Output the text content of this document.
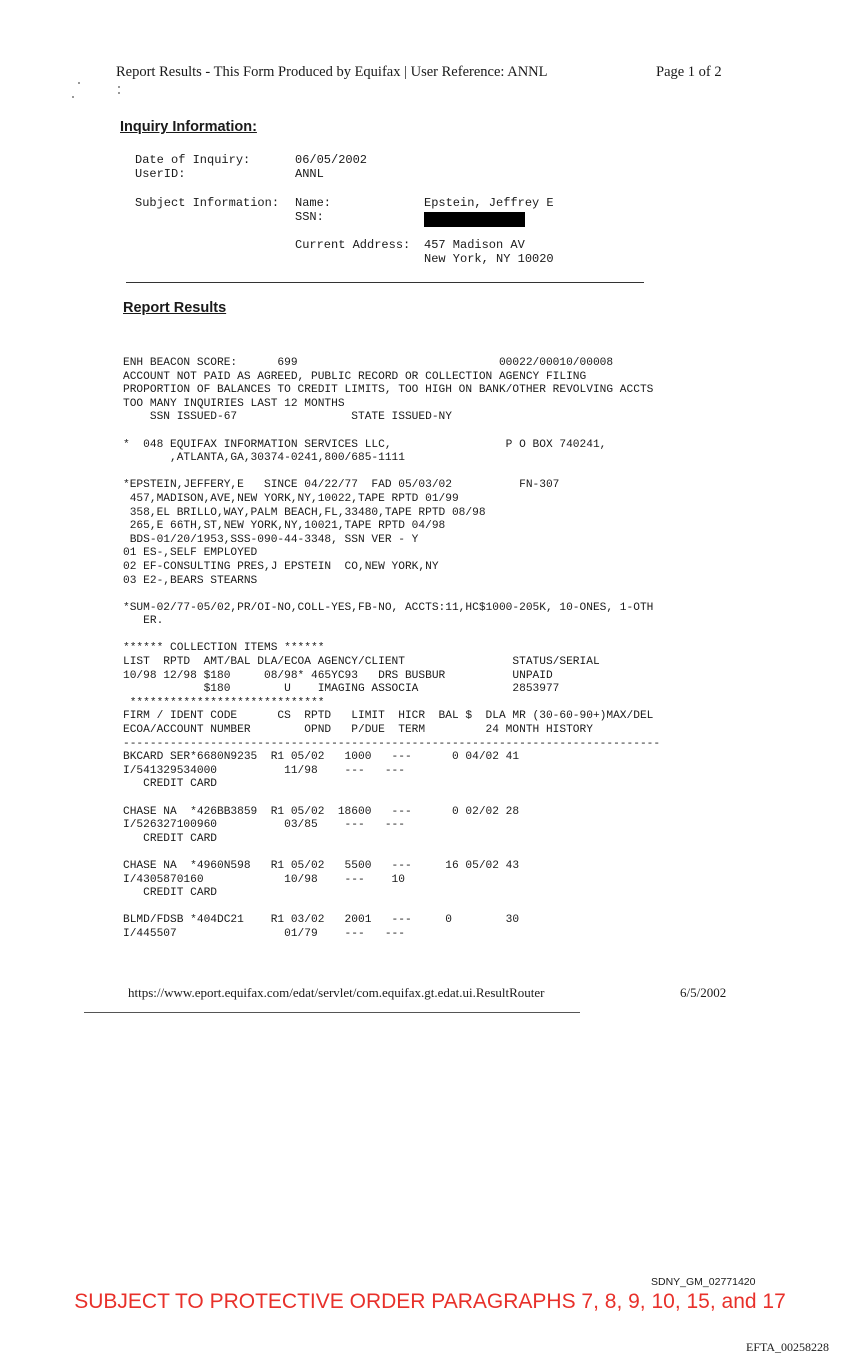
Report Results - This Form Produced by Equifax | User Reference: ANNL	Page 1 of 2
Inquiry Information:
Date of Inquiry:	06/05/2002
UserID:	ANNL
Subject Information: Name:	Epstein, Jeffrey E
SSN:
Current Address: 457 Madison AV
New York, NY 10020
Report Results
ENH BEACON SCORE:      699                              00022/00010/00008
ACCOUNT NOT PAID AS AGREED, PUBLIC RECORD OR COLLECTION AGENCY FILING
PROPORTION OF BALANCES TO CREDIT LIMITS, TOO HIGH ON BANK/OTHER REVOLVING ACCTS
TOO MANY INQUIRIES LAST 12 MONTHS
SSN ISSUED-67                 STATE ISSUED-NY

*  048 EQUIFAX INFORMATION SERVICES LLC,                 P O BOX 740241,
,ATLANTA,GA,30374-0241,800/685-1111

*EPSTEIN,JEFFERY,E   SINCE 04/22/77  FAD 05/03/02          FN-307
457,MADISON,AVE,NEW YORK,NY,10022,TAPE RPTD 01/99
358,EL BRILLO,WAY,PALM BEACH,FL,33480,TAPE RPTD 08/98
265,E 66TH,ST,NEW YORK,NY,10021,TAPE RPTD 04/98
BDS-01/20/1953,SSS-090-44-3348, SSN VER - Y
01 ES-,SELF EMPLOYED
02 EF-CONSULTING PRES,J EPSTEIN  CO,NEW YORK,NY
03 E2-,BEARS STEARNS

*SUM-02/77-05/02,PR/OI-NO,COLL-YES,FB-NO, ACCTS:11,HC$1000-205K, 10-ONES, 1-OTH
ER.

****** COLLECTION ITEMS ******
LIST  RPTD  AMT/BAL DLA/ECOA AGENCY/CLIENT                STATUS/SERIAL
10/98 12/98 $180     08/98* 465YC93   DRS BUSBUR          UNPAID
$180        U    IMAGING ASSOCIA              2853977
*****************************
FIRM / IDENT CODE      CS  RPTD   LIMIT  HICR  BAL $  DLA MR (30-60-90+)MAX/DEL
ECOA/ACCOUNT NUMBER        OPND   P/DUE  TERM         24 MONTH HISTORY
--------------------------------------------------------------------------------
BKCARD SER*6680N9235  R1 05/02   1000   ---      0 04/02 41
I/541329534000          11/98    ---   ---
CREDIT CARD

CHASE NA  *426BB3859  R1 05/02  18600   ---      0 02/02 28
I/526327100960          03/85    ---   ---
CREDIT CARD

CHASE NA  *4960N598   R1 05/02   5500   ---     16 05/02 43
I/4305870160            10/98    ---    10
CREDIT CARD

BLMD/FDSB *404DC21    R1 03/02   2001   ---     0        30
I/445507                01/79    ---   ---
https://www.eport.equifax.com/edat/servlet/com.equifax.gt.edat.ui.ResultRouter	6/5/2002
SDNY_GM_02771420
SUBJECT TO PROTECTIVE ORDER PARAGRAPHS 7, 8, 9, 10, 15, and 17
EFTA_00258228
